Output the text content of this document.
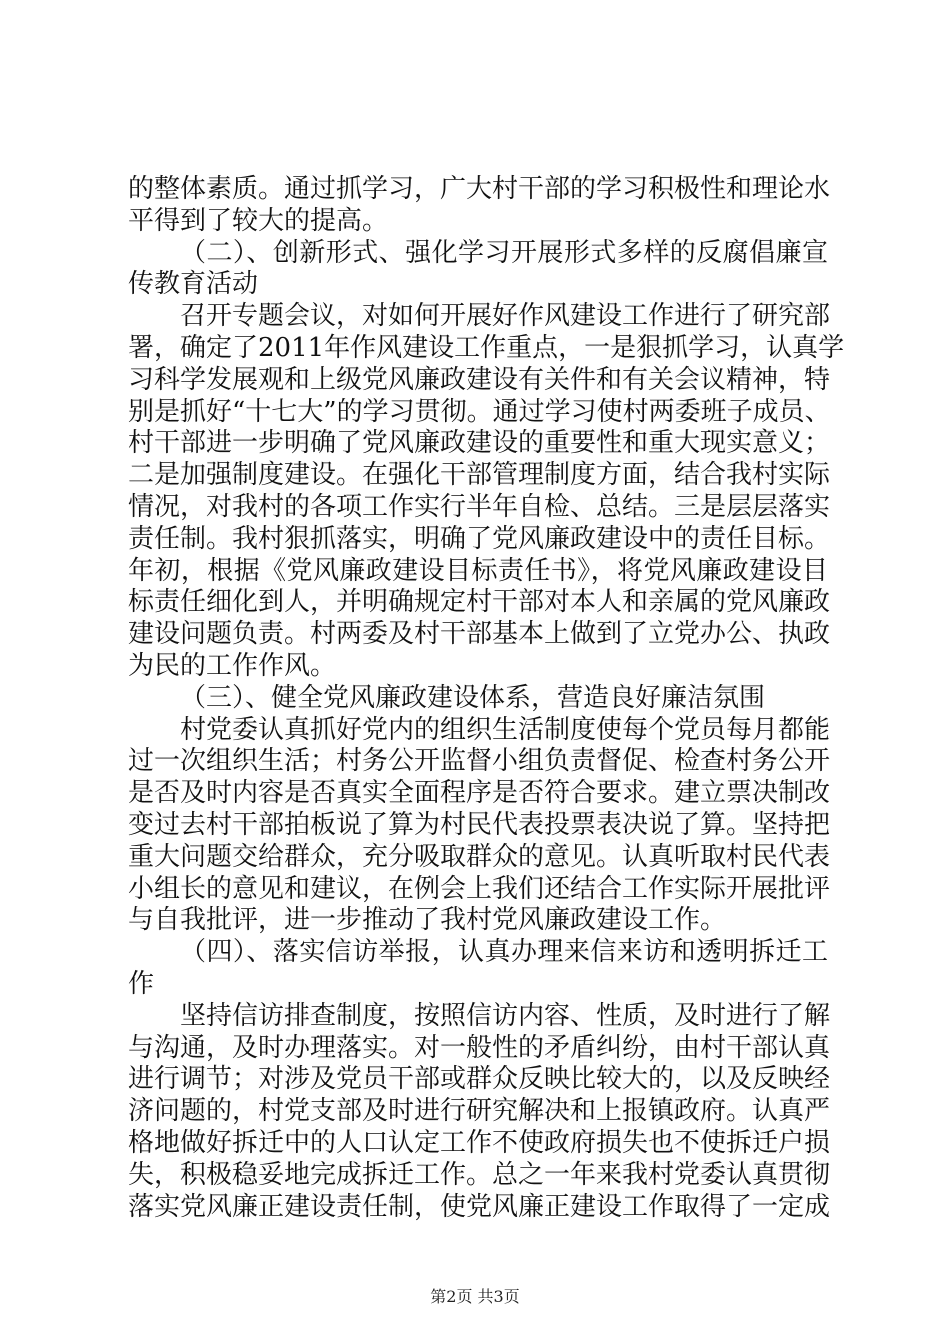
的整体素质。通过抓学习，广大村干部的学习积极性和理论水
平得到了较大的提高。
（二）、创新形式、强化学习开展形式多样的反腐倡廉宣
传教育活动
召开专题会议，对如何开展好作风建设工作进行了研究部
署，确定了2011年作风建设工作重点，一是狠抓学习，认真学
习科学发展观和上级党风廉政建设有关件和有关会议精神，特
别是抓好“十七大”的学习贯彻。通过学习使村两委班子成员、
村干部进一步明确了党风廉政建设的重要性和重大现实意义；
二是加强制度建设。在强化干部管理制度方面，结合我村实际
情况，对我村的各项工作实行半年自检、总结。三是层层落实
责任制。我村狠抓落实，明确了党风廉政建设中的责任目标。
年初，根据《党风廉政建设目标责任书》，将党风廉政建设目
标责任细化到人，并明确规定村干部对本人和亲属的党风廉政
建设问题负责。村两委及村干部基本上做到了立党办公、执政
为民的工作作风。
（三）、健全党风廉政建设体系，营造良好廉洁氛围
村党委认真抓好党内的组织生活制度使每个党员每月都能
过一次组织生活；村务公开监督小组负责督促、检查村务公开
是否及时内容是否真实全面程序是否符合要求。建立票决制改
变过去村干部拍板说了算为村民代表投票表决说了算。坚持把
重大问题交给群众，充分吸取群众的意见。认真听取村民代表
小组长的意见和建议，在例会上我们还结合工作实际开展批评
与自我批评，进一步推动了我村党风廉政建设工作。
（四）、落实信访举报，认真办理来信来访和透明拆迁工
作
坚持信访排查制度，按照信访内容、性质，及时进行了解
与沟通，及时办理落实。对一般性的矛盾纠纷，由村干部认真
进行调节；对涉及党员干部或群众反映比较大的，以及反映经
济问题的，村党支部及时进行研究解决和上报镇政府。认真严
格地做好拆迁中的人口认定工作不使政府损失也不使拆迁户损
失，积极稳妥地完成拆迁工作。总之一年来我村党委认真贯彻
落实党风廉正建设责任制，使党风廉正建设工作取得了一定成
第2页 共3页
